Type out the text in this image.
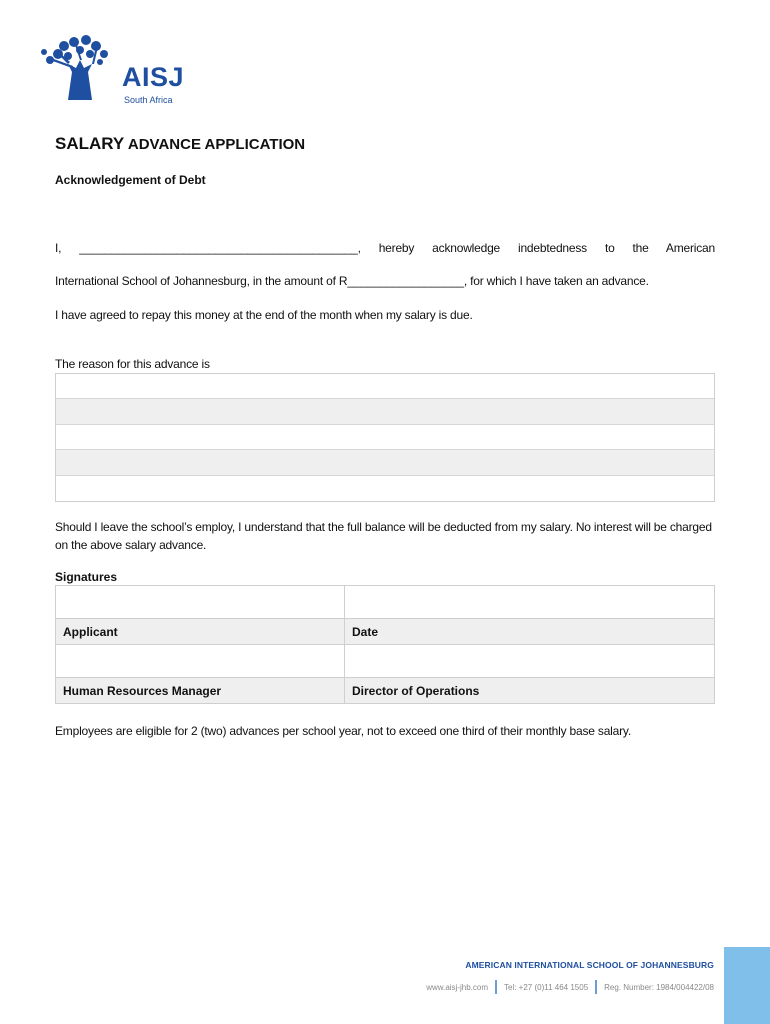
AISJ
South Africa
SALARY ADVANCE APPLICATION
Acknowledgement of Debt
I, ___________________________________________, hereby acknowledge indebtedness to the American
International School of Johannesburg, in the amount of R__________________, for which I have taken an advance.
I have agreed to repay this money at the end of the month when my salary is due.
The reason for this advance is
Should I leave the school’s employ, I understand that the full balance will be deducted from my salary. No interest will be charged on the above salary advance.
Signatures

Applicant	Date

Human Resources Manager	Director of Operations
Employees are eligible for 2 (two) advances per school year, not to exceed one third of their monthly base salary.
AMERICAN INTERNATIONAL SCHOOL OF JOHANNESBURG
www.aisj-jhb.com Tel: +27 (0)11 464 1505 Reg. Number: 1984/004422/08
